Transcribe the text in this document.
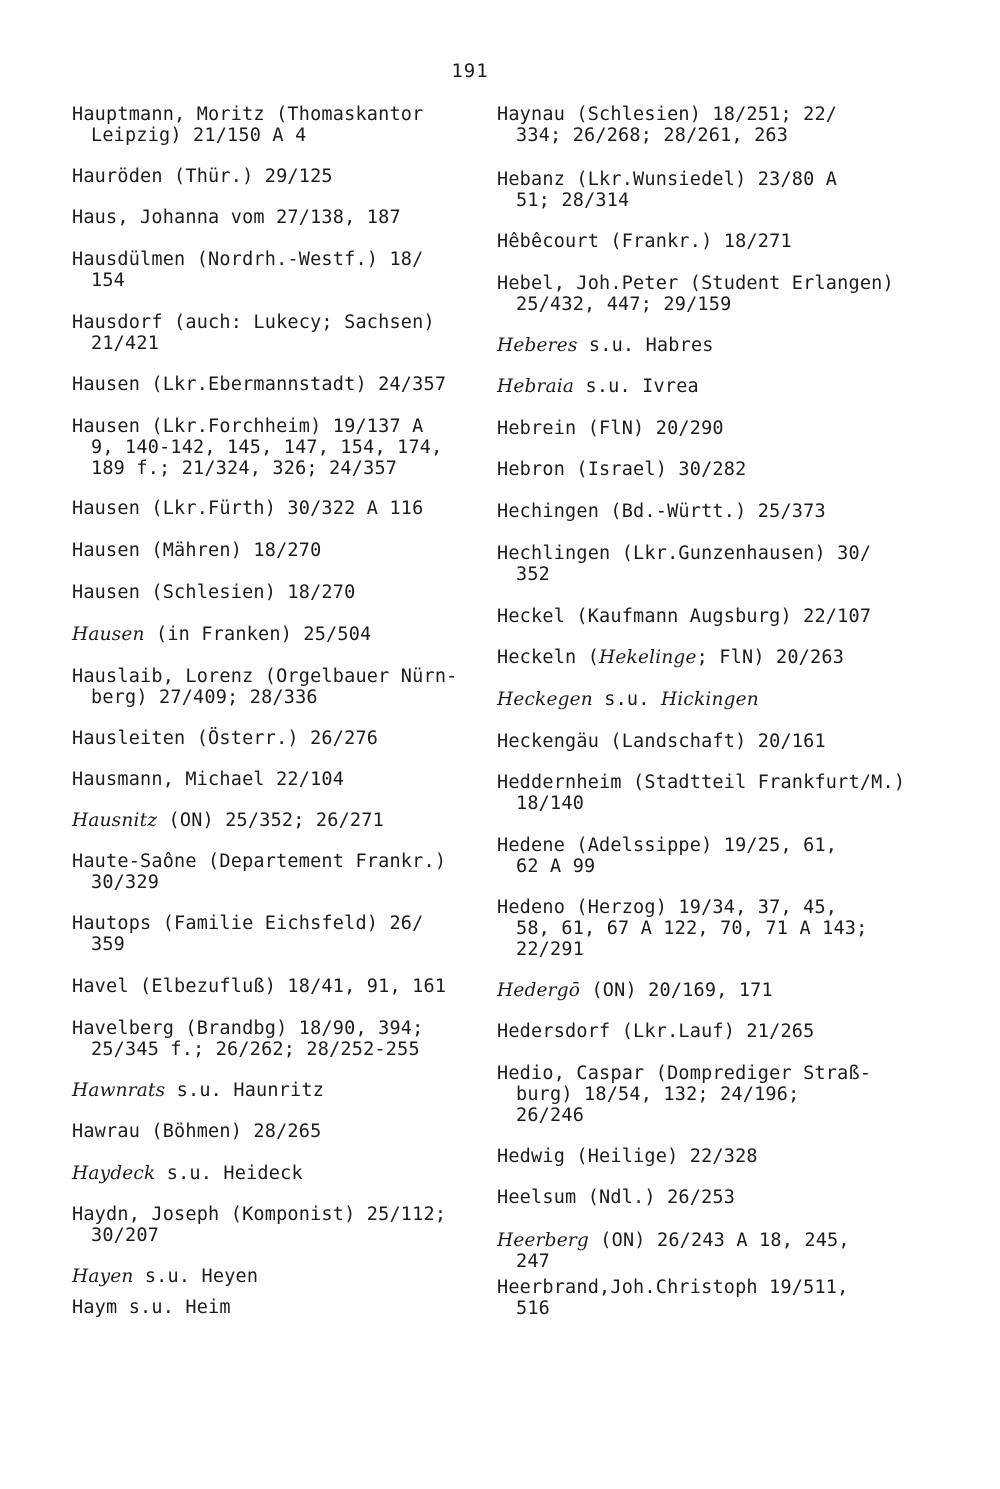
191
Hauptmann, Moritz (Thomaskantor
Leipzig) 21/150 A 4
Hauröden (Thür.) 29/125
Haus, Johanna vom 27/138, 187
Hausdülmen (Nordrh.-Westf.) 18/
154
Hausdorf (auch: Lukecy; Sachsen)
21/421
Hausen (Lkr.Ebermannstadt) 24/357
Hausen (Lkr.Forchheim) 19/137 A
9, 140-142, 145, 147, 154, 174,
189 f.; 21/324, 326; 24/357
Hausen (Lkr.Fürth) 30/322 A 116
Hausen (Mähren) 18/270
Hausen (Schlesien) 18/270
Hausen (in Franken) 25/504
Hauslaib, Lorenz (Orgelbauer Nürn-
berg) 27/409; 28/336
Hausleiten (Österr.) 26/276
Hausmann, Michael 22/104
Hausnitz (ON) 25/352; 26/271
Haute-Saône (Departement Frankr.)
30/329
Hautops (Familie Eichsfeld) 26/
359
Havel (Elbezufluß) 18/41, 91, 161
Havelberg (Brandbg) 18/90, 394;
25/345 f.; 26/262; 28/252-255
Hawnrats s.u. Haunritz
Hawrau (Böhmen) 28/265
Haydeck s.u. Heideck
Haydn, Joseph (Komponist) 25/112;
30/207
Hayen s.u. Heyen
Haym s.u. Heim
Haynau (Schlesien) 18/251; 22/
334; 26/268; 28/261, 263
Hebanz (Lkr.Wunsiedel) 23/80 A
51; 28/314
Hêbêcourt (Frankr.) 18/271
Hebel, Joh.Peter (Student Erlangen)
25/432, 447; 29/159
Heberes s.u. Habres
Hebraia s.u. Ivrea
Hebrein (FlN) 20/290
Hebron (Israel) 30/282
Hechingen (Bd.-Württ.) 25/373
Hechlingen (Lkr.Gunzenhausen) 30/
352
Heckel (Kaufmann Augsburg) 22/107
Heckeln (Hekelinge; FlN) 20/263
Heckegen s.u. Hickingen
Heckengäu (Landschaft) 20/161
Heddernheim (Stadtteil Frankfurt/M.)
18/140
Hedene (Adelssippe) 19/25, 61,
62 A 99
Hedeno (Herzog) 19/34, 37, 45,
58, 61, 67 A 122, 70, 71 A 143;
22/291
Hedergō (ON) 20/169, 171
Hedersdorf (Lkr.Lauf) 21/265
Hedio, Caspar (Domprediger Straß-
burg) 18/54, 132; 24/196;
26/246
Hedwig (Heilige) 22/328
Heelsum (Ndl.) 26/253
Heerberg (ON) 26/243 A 18, 245,
247
Heerbrand,Joh.Christoph 19/511,
516
